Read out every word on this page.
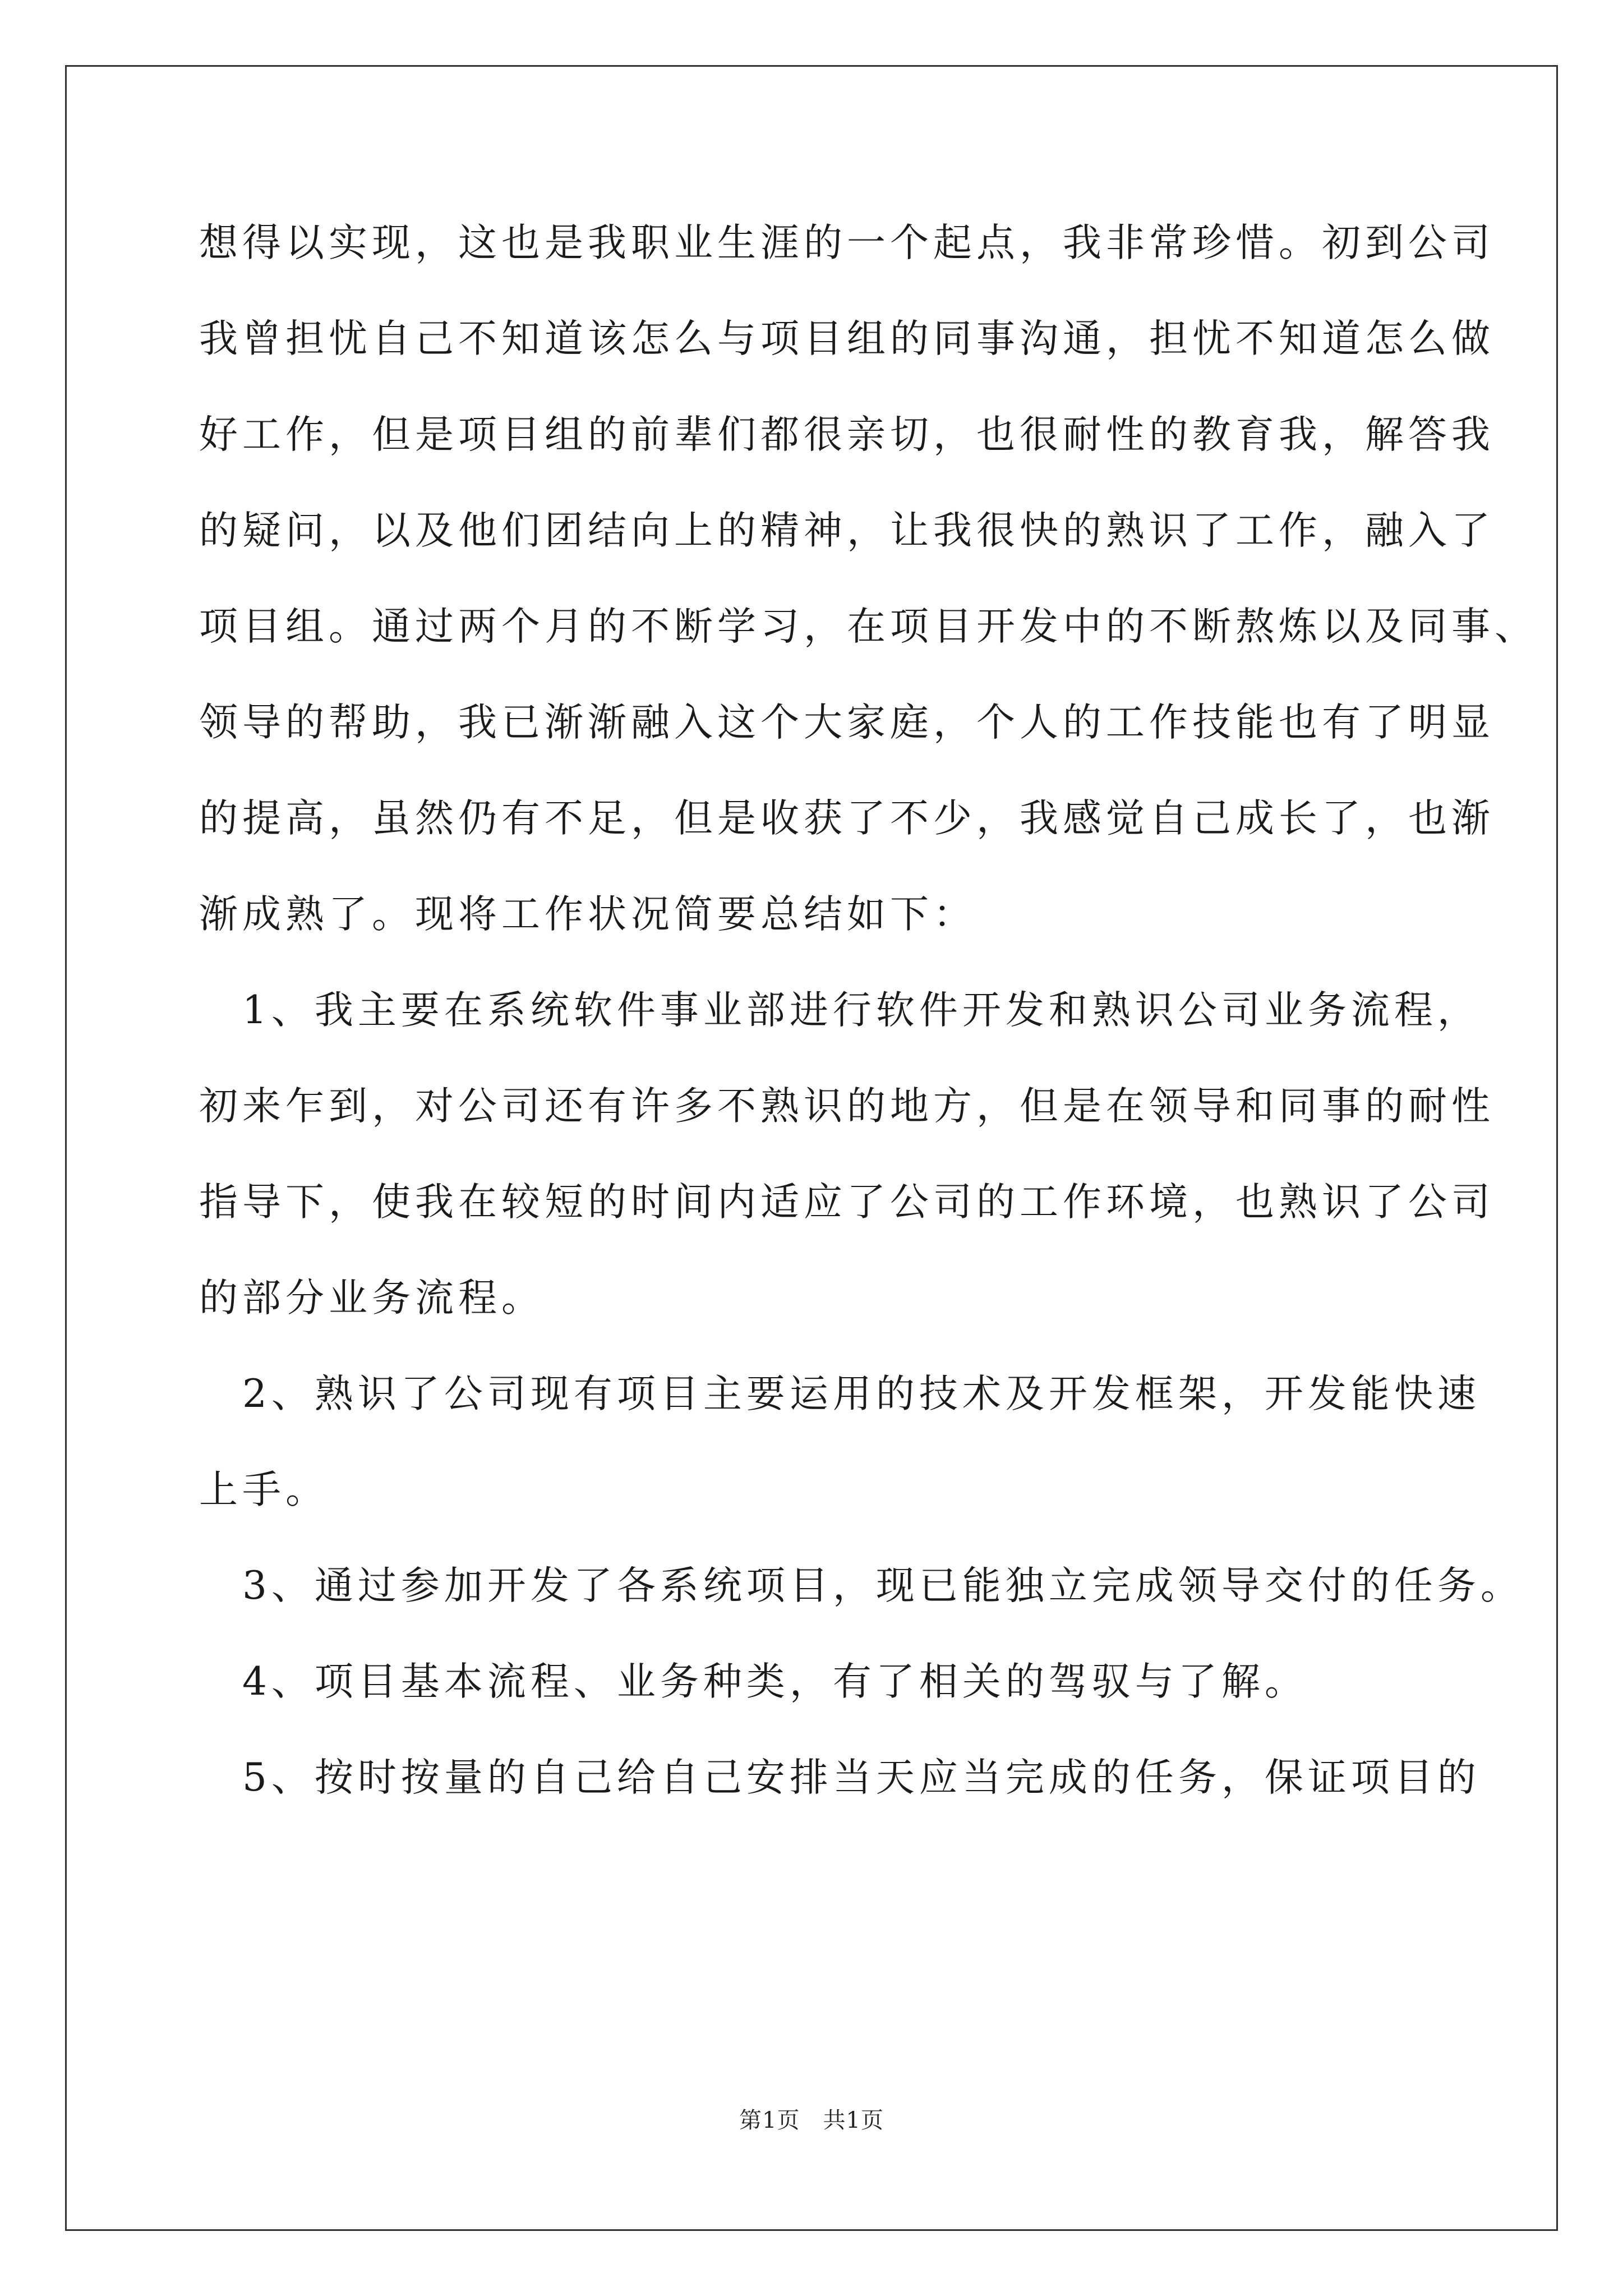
想得以实现，这也是我职业生涯的一个起点，我非常珍惜。初到公司
我曾担忧自己不知道该怎么与项目组的同事沟通，担忧不知道怎么做
好工作，但是项目组的前辈们都很亲切，也很耐性的教育我，解答我
的疑问，以及他们团结向上的精神，让我很快的熟识了工作，融入了
项目组。通过两个月的不断学习，在项目开发中的不断熬炼以及同事、
领导的帮助，我已渐渐融入这个大家庭，个人的工作技能也有了明显
的提高，虽然仍有不足，但是收获了不少，我感觉自己成长了，也渐
渐成熟了。现将工作状况简要总结如下：
　1、我主要在系统软件事业部进行软件开发和熟识公司业务流程，
初来乍到，对公司还有许多不熟识的地方，但是在领导和同事的耐性
指导下，使我在较短的时间内适应了公司的工作环境，也熟识了公司
的部分业务流程。
　2、熟识了公司现有项目主要运用的技术及开发框架，开发能快速
上手。
　3、通过参加开发了各系统项目，现已能独立完成领导交付的任务。
　4、项目基本流程、业务种类，有了相关的驾驭与了解。
　5、按时按量的自己给自己安排当天应当完成的任务，保证项目的
第1页　共1页
